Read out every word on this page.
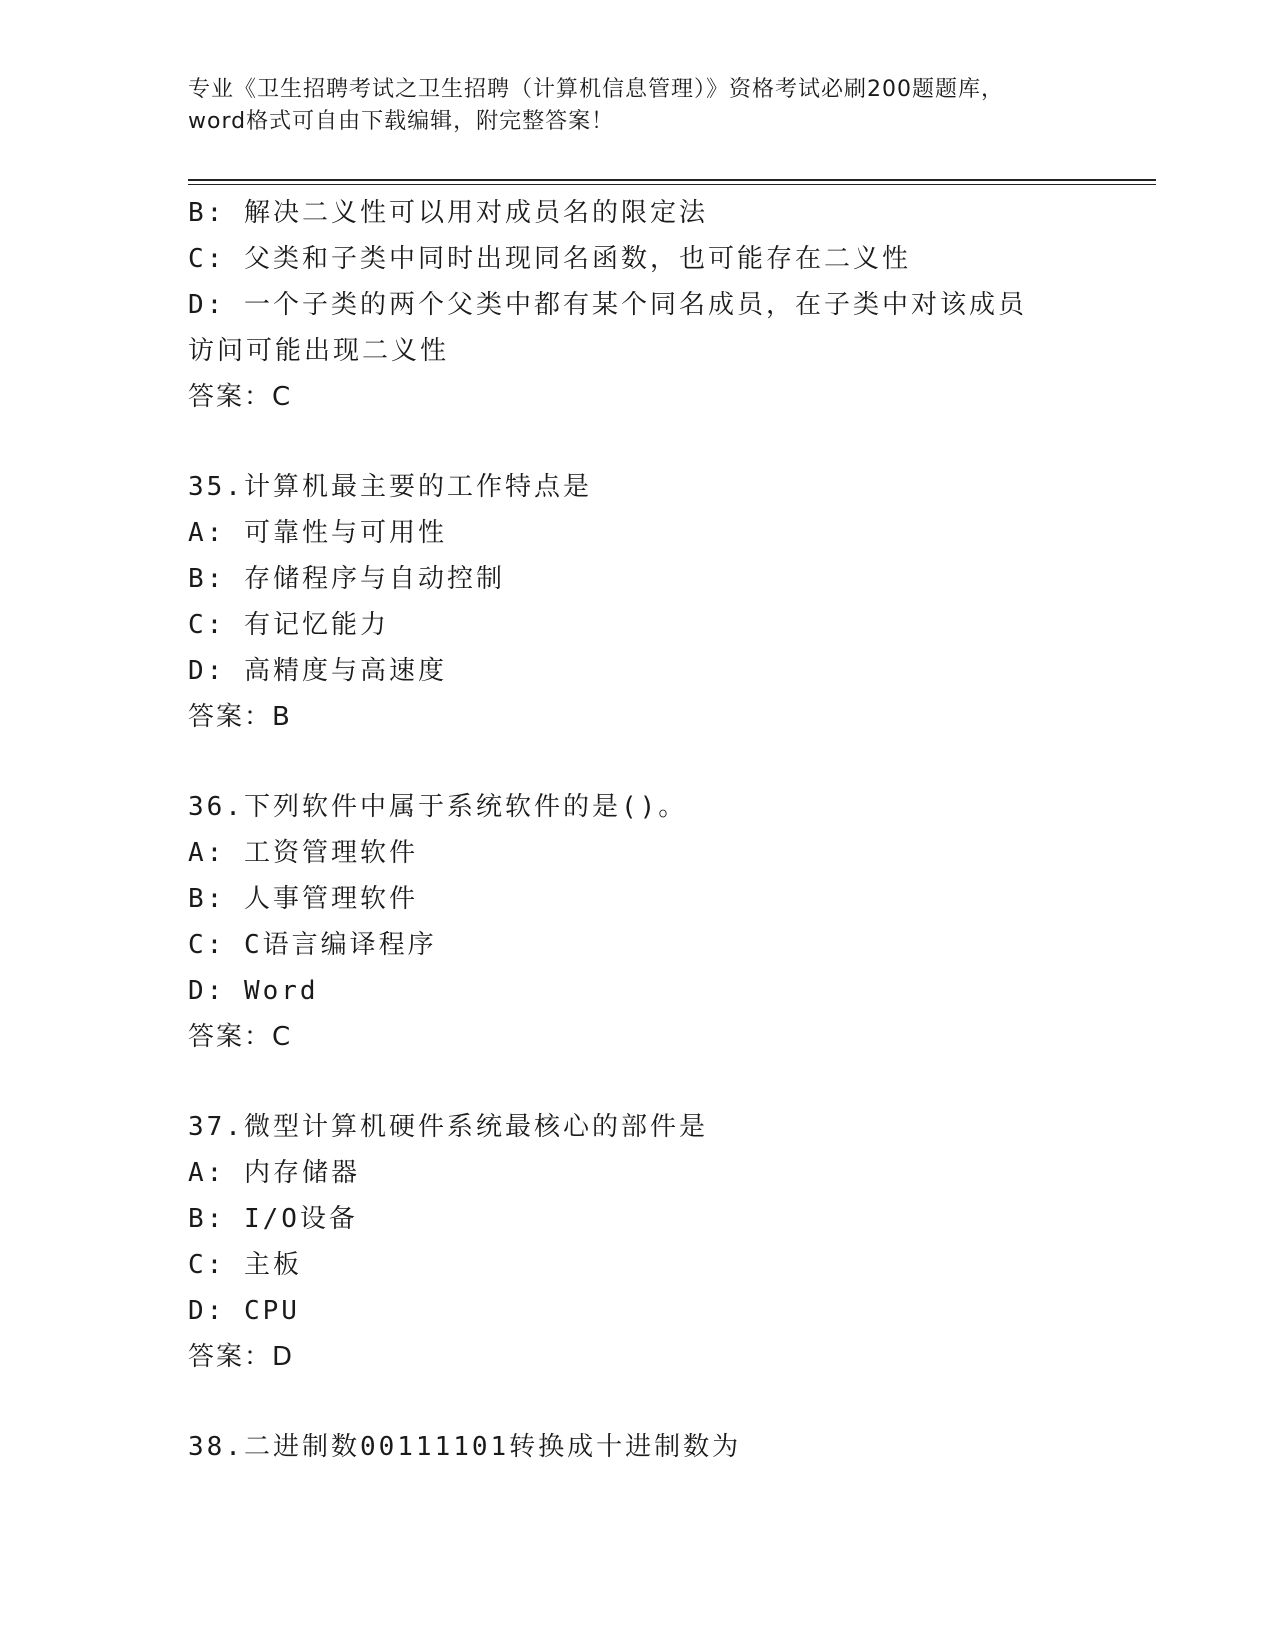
专业《卫生招聘考试之卫生招聘（计算机信息管理）》资格考试必刷200题题库，
word格式可自由下载编辑，附完整答案！
B: 解决二义性可以用对成员名的限定法
C: 父类和子类中同时出现同名函数，也可能存在二义性
D: 一个子类的两个父类中都有某个同名成员，在子类中对该成员访问可能出现二义性
答案：C
35.计算机最主要的工作特点是
A: 可靠性与可用性
B: 存储程序与自动控制
C: 有记忆能力
D: 高精度与高速度
答案：B
36.下列软件中属于系统软件的是()。
A: 工资管理软件
B: 人事管理软件
C: C语言编译程序
D: Word
答案：C
37.微型计算机硬件系统最核心的部件是
A: 内存储器
B: I/O设备
C: 主板
D: CPU
答案：D
38.二进制数00111101转换成十进制数为
